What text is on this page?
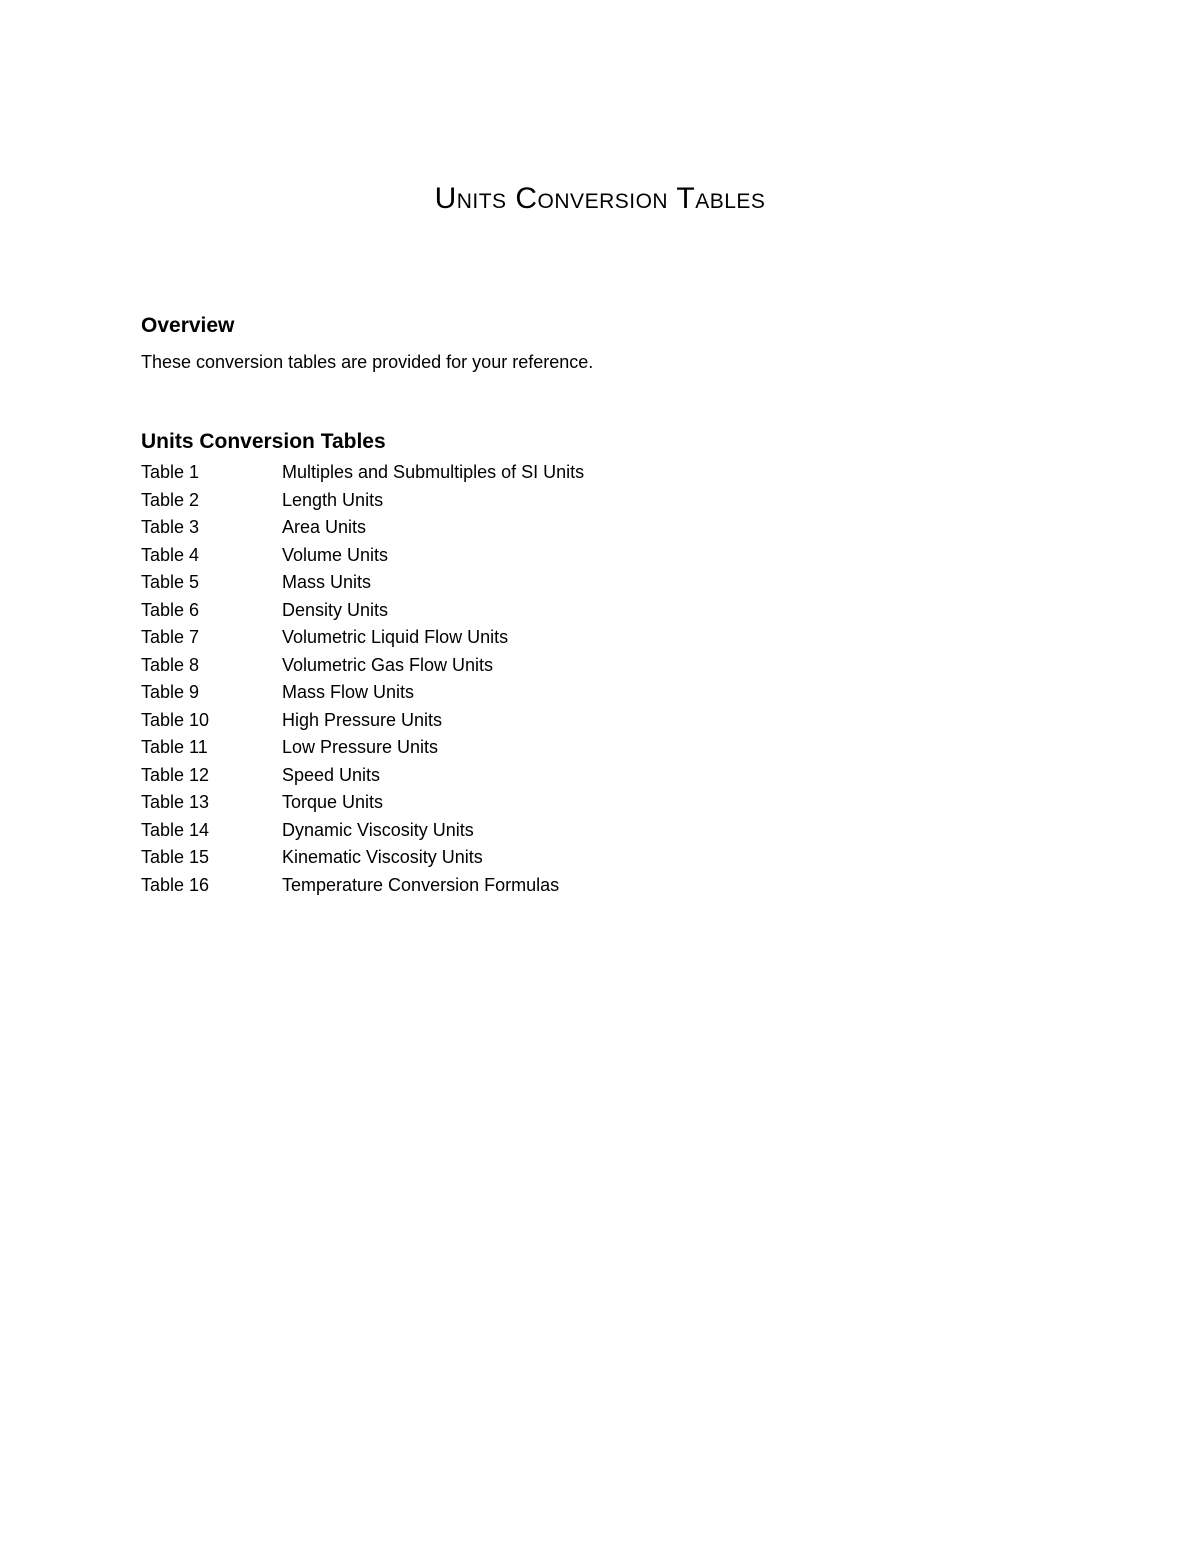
Units Conversion Tables
Overview

These conversion tables are provided for your reference.

Units Conversion Tables
Table 1	Multiples and Submultiples of SI Units
Table 2	Length Units
Table 3	Area Units
Table 4	Volume Units
Table 5	Mass Units
Table 6	Density Units
Table 7	Volumetric Liquid Flow Units
Table 8	Volumetric Gas Flow Units
Table 9	Mass Flow Units
Table 10	High Pressure Units
Table 11	Low Pressure Units
Table 12	Speed Units
Table 13	Torque Units
Table 14	Dynamic Viscosity Units
Table 15	Kinematic Viscosity Units
Table 16	Temperature Conversion Formulas
